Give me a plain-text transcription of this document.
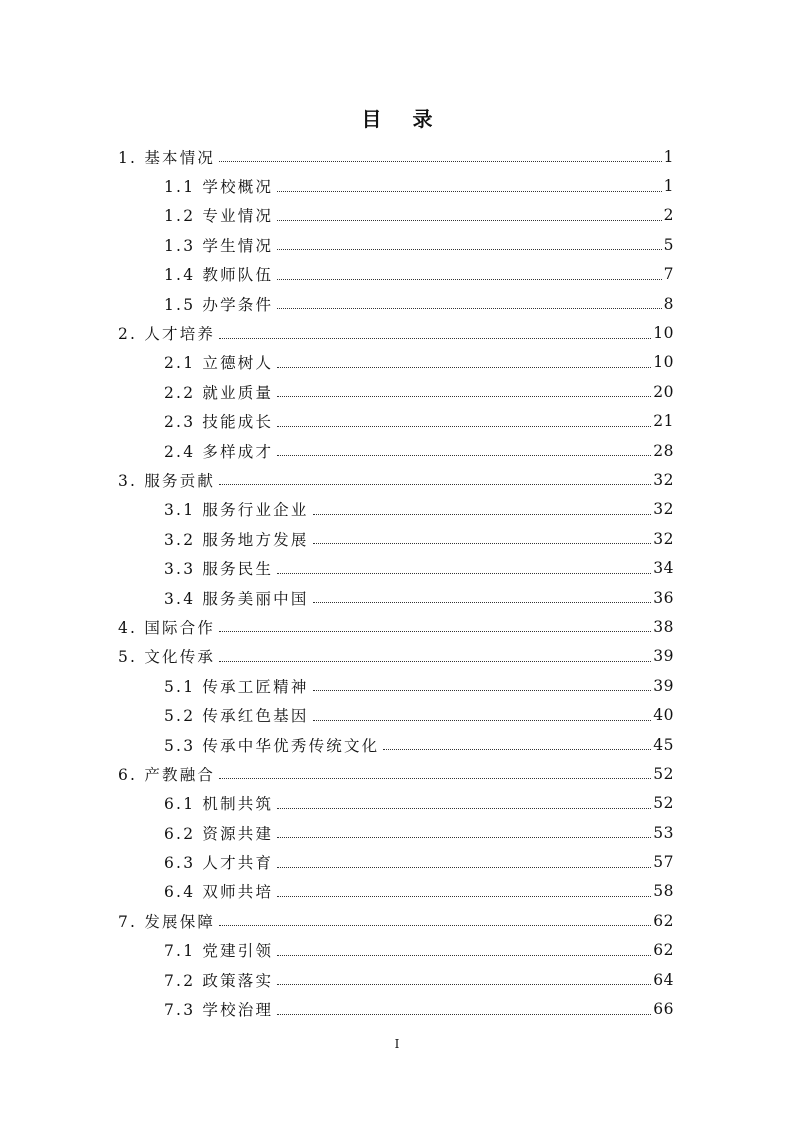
目 录
1. 基本情况	1
1.1 学校概况	1
1.2 专业情况	2
1.3 学生情况	5
1.4 教师队伍	7
1.5 办学条件	8
2. 人才培养	10
2.1 立德树人	10
2.2 就业质量	20
2.3 技能成长	21
2.4 多样成才	28
3. 服务贡献	32
3.1 服务行业企业	32
3.2 服务地方发展	32
3.3 服务民生	34
3.4 服务美丽中国	36
4. 国际合作	38
5. 文化传承	39
5.1 传承工匠精神	39
5.2 传承红色基因	40
5.3 传承中华优秀传统文化	45
6. 产教融合	52
6.1 机制共筑	52
6.2 资源共建	53
6.3 人才共育	57
6.4 双师共培	58
7. 发展保障	62
7.1 党建引领	62
7.2 政策落实	64
7.3 学校治理	66
I
